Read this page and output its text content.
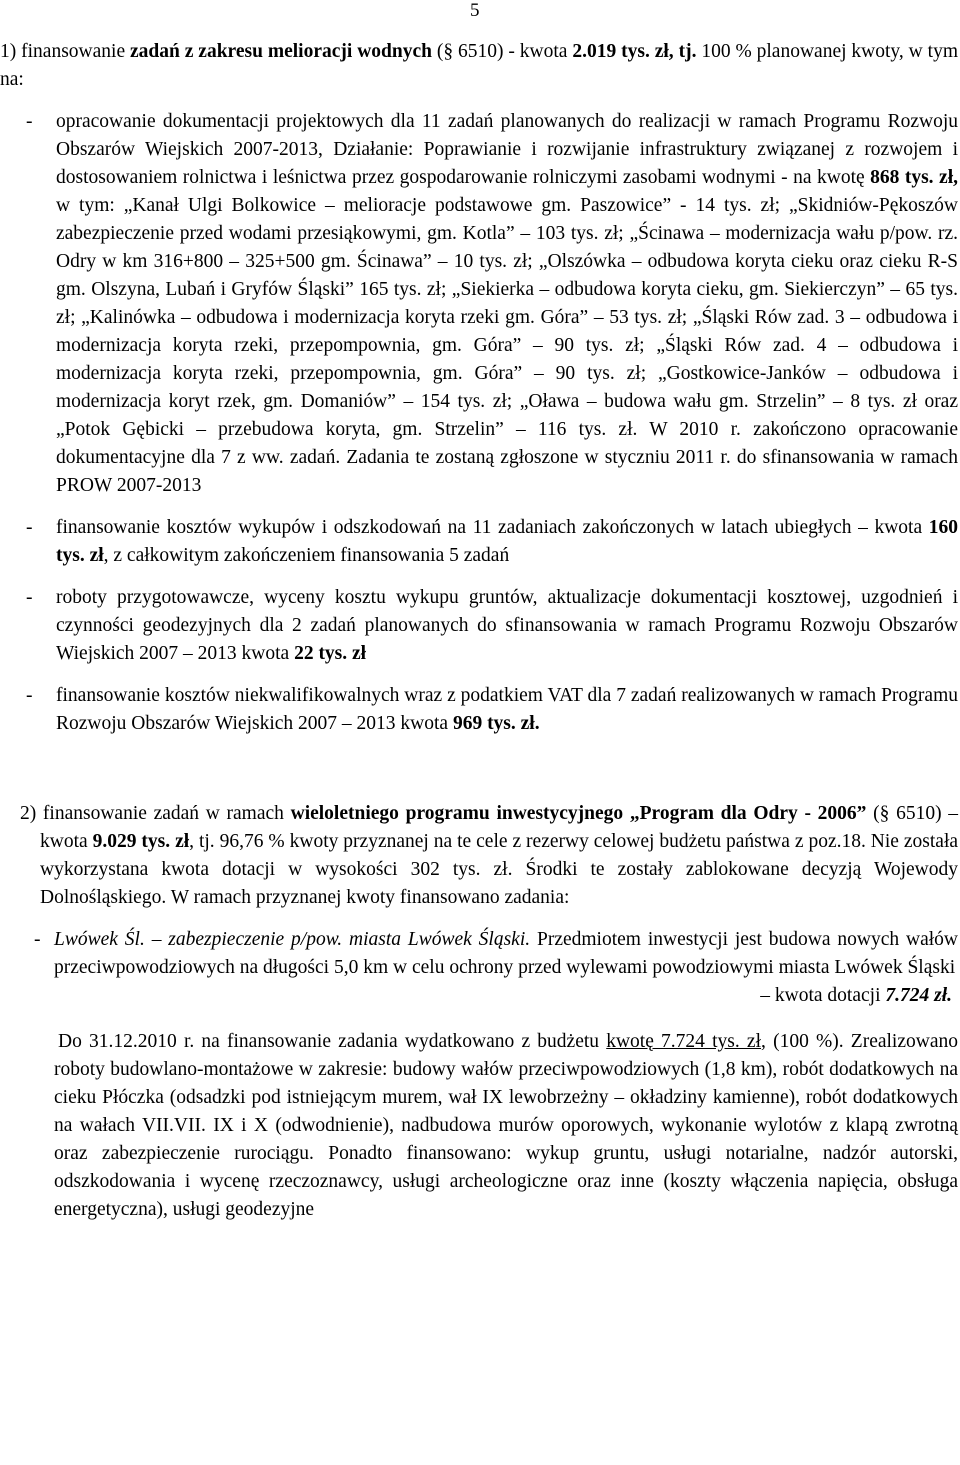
5

1) finansowanie zadań z zakresu melioracji wodnych (§ 6510) - kwota 2.019 tys. zł, tj. 100 % planowanej kwoty, w tym na:

- opracowanie dokumentacji projektowych dla 11 zadań planowanych do realizacji w ramach Programu Rozwoju Obszarów Wiejskich 2007-2013, Działanie: Poprawianie i rozwijanie infrastruktury związanej z rozwojem i dostosowaniem rolnictwa i leśnictwa przez gospodarowanie rolniczymi zasobami wodnymi - na kwotę 868 tys. zł, w tym: „Kanał Ulgi Bolkowice – melioracje podstawowe gm. Paszowice” - 14 tys. zł; „Skidniów-Pękoszów zabezpieczenie przed wodami przesiąkowymi, gm. Kotla” – 103 tys. zł; „Ścinawa – modernizacja wału p/pow. rz. Odry w km 316+800 – 325+500 gm. Ścinawa” – 10 tys. zł; „Olszówka – odbudowa koryta cieku oraz cieku R-S gm. Olszyna, Lubań i Gryfów Śląski” 165 tys. zł; „Siekierka – odbudowa koryta cieku, gm. Siekierczyn” – 65 tys. zł; „Kalinówka – odbudowa i modernizacja koryta rzeki gm. Góra” – 53 tys. zł; „Śląski Rów zad. 3 – odbudowa i modernizacja koryta rzeki, przepompownia, gm. Góra” – 90 tys. zł; „Śląski Rów zad. 4 – odbudowa i modernizacja koryta rzeki, przepompownia, gm. Góra” – 90 tys. zł; „Gostkowice-Janków – odbudowa i modernizacja koryt rzek, gm. Domaniów” – 154 tys. zł; „Oława – budowa wału gm. Strzelin” – 8 tys. zł oraz „Potok Gębicki – przebudowa koryta, gm. Strzelin” – 116 tys. zł. W 2010 r. zakończono opracowanie dokumentacyjne dla 7 z ww. zadań. Zadania te zostaną zgłoszone w styczniu 2011 r. do sfinansowania w ramach PROW 2007-2013

- finansowanie kosztów wykupów i odszkodowań na 11 zadaniach zakończonych w latach ubiegłych – kwota 160 tys. zł, z całkowitym zakończeniem finansowania 5 zadań

- roboty przygotowawcze, wyceny kosztu wykupu gruntów, aktualizacje dokumentacji kosztowej, uzgodnień i czynności geodezyjnych dla 2 zadań planowanych do sfinansowania w ramach Programu Rozwoju Obszarów Wiejskich 2007 – 2013 kwota 22 tys. zł

- finansowanie kosztów niekwalifikowalnych wraz z podatkiem VAT dla 7 zadań realizowanych w ramach Programu Rozwoju Obszarów Wiejskich 2007 – 2013 kwota 969 tys. zł.

2) finansowanie zadań w ramach wieloletniego programu inwestycyjnego „Program dla Odry - 2006” (§ 6510) – kwota 9.029 tys. zł, tj. 96,76 % kwoty przyznanej na te cele z rezerwy celowej budżetu państwa z poz.18. Nie została wykorzystana kwota dotacji w wysokości 302 tys. zł. Środki te zostały zablokowane decyzją Wojewody Dolnośląskiego. W ramach przyznanej kwoty finansowano zadania:

- Lwówek Śl. – zabezpieczenie p/pow. miasta Lwówek Śląski. Przedmiotem inwestycji jest budowa nowych wałów przeciwpowodziowych na długości 5,0 km w celu ochrony przed wylewami powodziowymi miasta Lwówek Śląski

– kwota dotacji 7.724 zł.

Do 31.12.2010 r. na finansowanie zadania wydatkowano z budżetu kwotę 7.724 tys. zł, (100 %). Zrealizowano roboty budowlano-montażowe w zakresie: budowy wałów przeciwpowodziowych (1,8 km), robót dodatkowych na cieku Płóczka (odsadzki pod istniejącym murem, wał IX lewobrzeżny – okładziny kamienne), robót dodatkowych na wałach VII.VII. IX i X (odwodnienie), nadbudowa murów oporowych, wykonanie wylotów z klapą zwrotną oraz zabezpieczenie rurociągu. Ponadto finansowano: wykup gruntu, usługi notarialne, nadzór autorski, odszkodowania i wycenę rzeczoznawcy, usługi archeologiczne oraz inne (koszty włączenia napięcia, obsługa energetyczna), usługi geodezyjne
